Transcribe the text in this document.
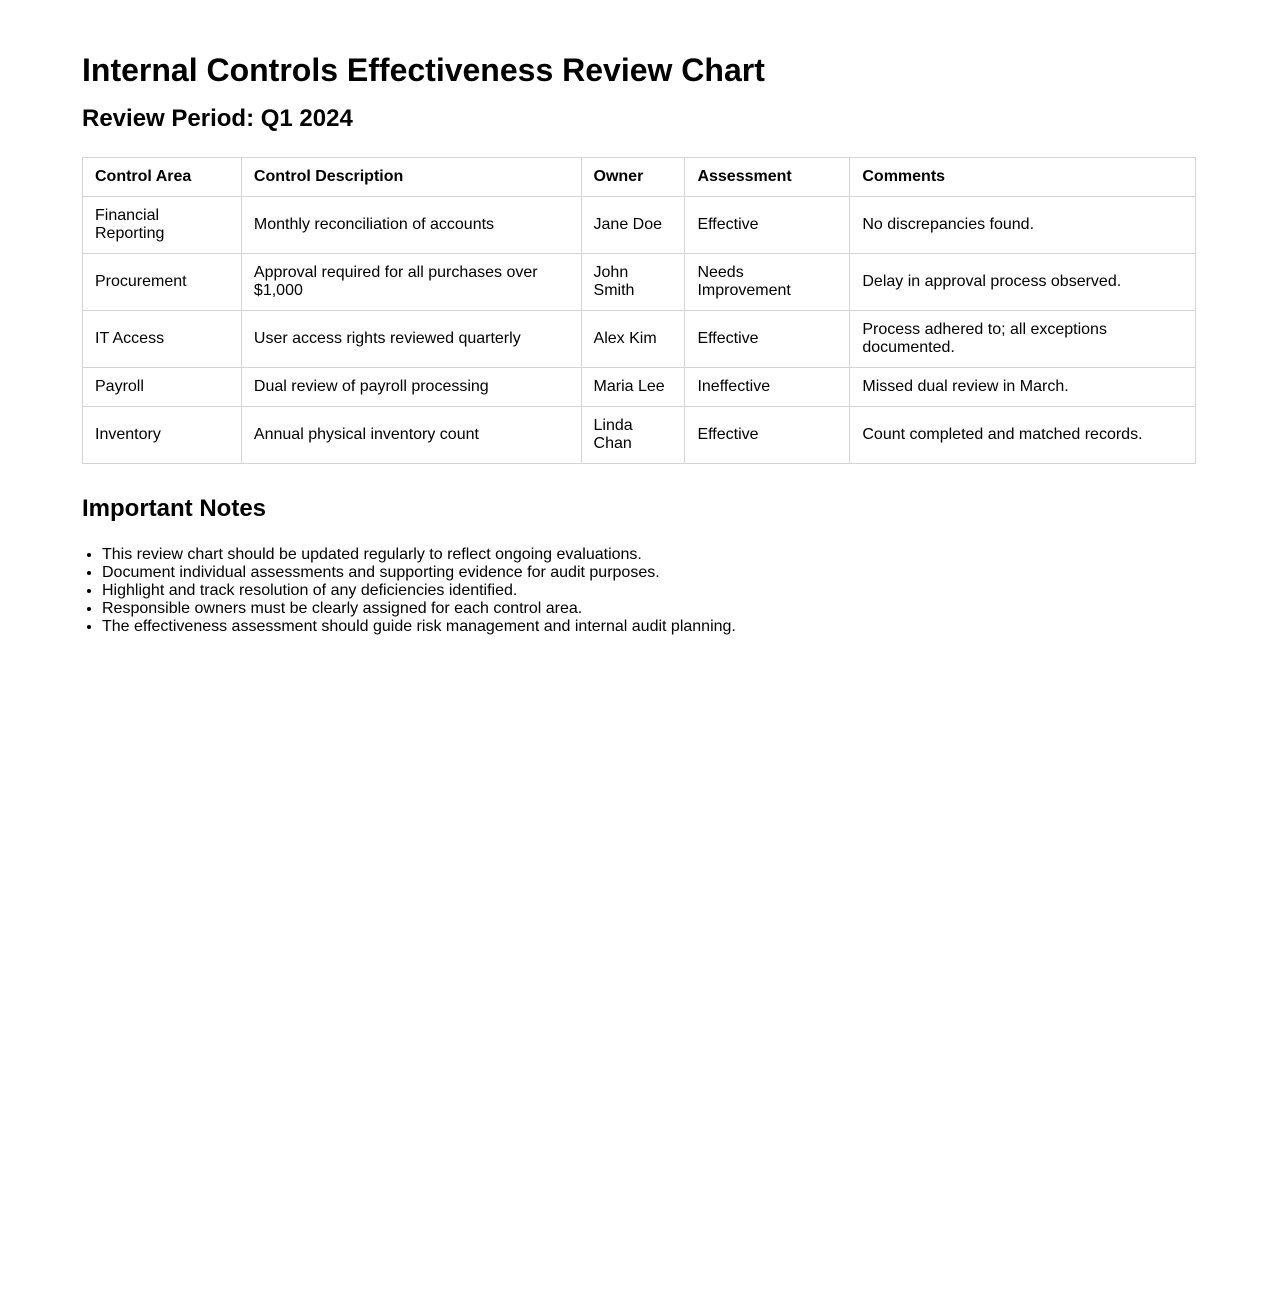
Internal Controls Effectiveness Review Chart
Review Period: Q1 2024
Control Area	Control Description	Owner	Assessment	Comments
Financial Reporting	Monthly reconciliation of accounts	Jane Doe	Effective	No discrepancies found.
Procurement	Approval required for all purchases over $1,000	John Smith	Needs Improvement	Delay in approval process observed.
IT Access	User access rights reviewed quarterly	Alex Kim	Effective	Process adhered to; all exceptions documented.
Payroll	Dual review of payroll processing	Maria Lee	Ineffective	Missed dual review in March.
Inventory	Annual physical inventory count	Linda Chan	Effective	Count completed and matched records.
Important Notes
• This review chart should be updated regularly to reflect ongoing evaluations.
• Document individual assessments and supporting evidence for audit purposes.
• Highlight and track resolution of any deficiencies identified.
• Responsible owners must be clearly assigned for each control area.
• The effectiveness assessment should guide risk management and internal audit planning.
